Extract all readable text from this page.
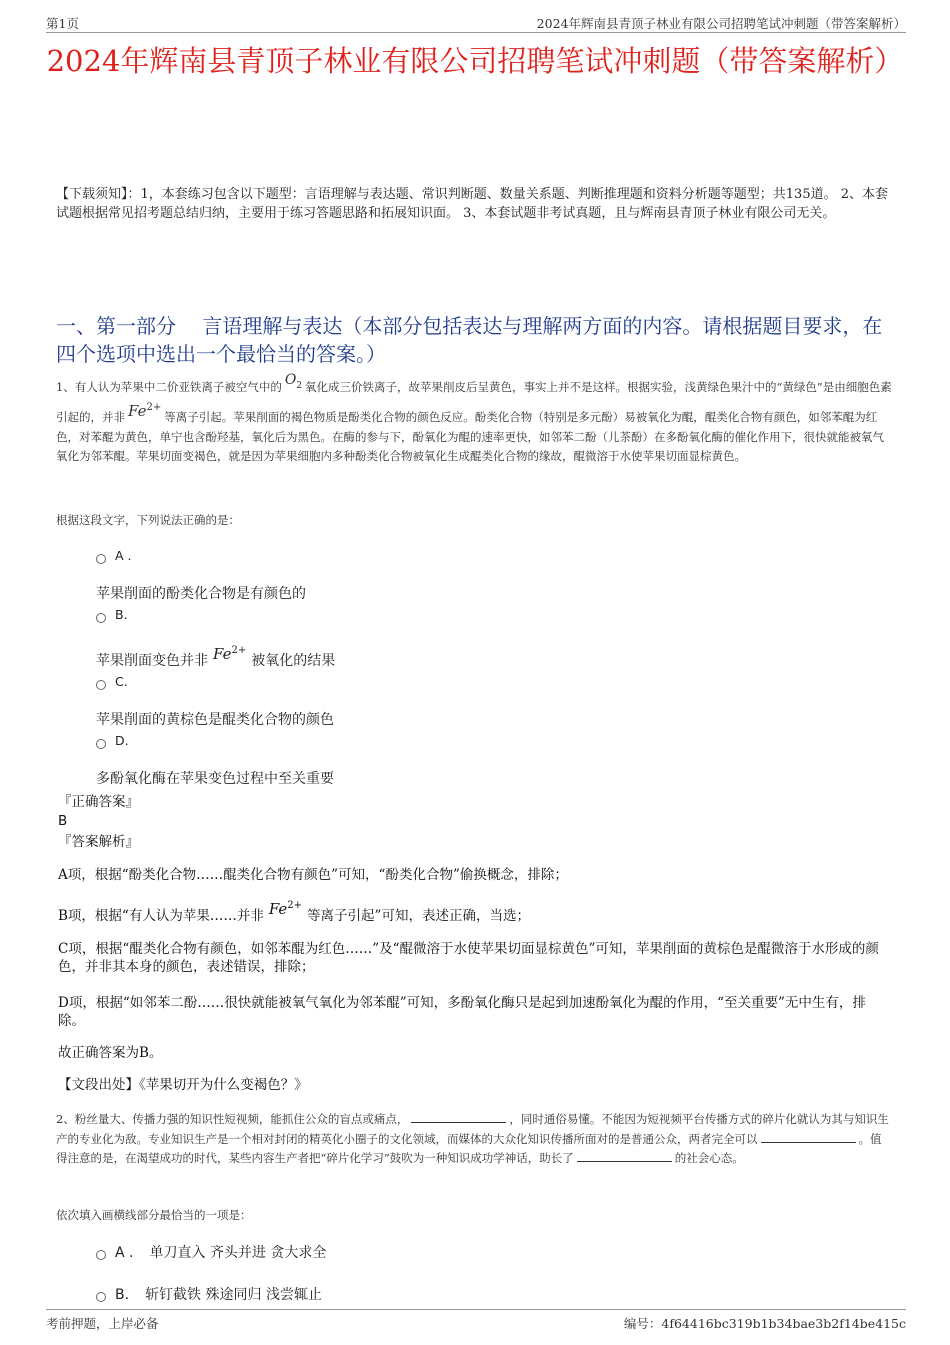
第1页	2024年辉南县青顶子林业有限公司招聘笔试冲刺题（带答案解析）
2024年辉南县青顶子林业有限公司招聘笔试冲刺题（带答案解析）
【下载须知】：1，本套练习包含以下题型：言语理解与表达题、常识判断题、数量关系题、判断推理题和资料分析题等题型；共135道。 2、本套试题根据常见招考题总结归纳，主要用于练习答题思路和拓展知识面。 3、本套试题非考试真题，且与辉南县青顶子林业有限公司无关。
一、第一部分　 言语理解与表达（本部分包括表达与理解两方面的内容。请根据题目要求，在四个选项中选出一个最恰当的答案。）
1、有人认为苹果中二价亚铁离子被空气中的 $O_2$ 氧化成三价铁离子，故苹果削皮后呈黄色，事实上并不是这样。根据实验，浅黄绿色果汁中的“黄绿色”是由细胞色素引起的，并非 $Fe^{2+}$等离子引起。苹果削面的褐色物质是酚类化合物的颜色反应。酚类化合物（特别是多元酚）易被氧化为醌，醌类化合物有颜色，如邻苯醌为红色，对苯醌为黄色，单宁也含酚羟基，氧化后为黑色。在酶的参与下，酚氧化为醌的速率更快，如邻苯二酚（儿茶酚）在多酚氧化酶的催化作用下，很快就能被氧气氧化为邻苯醌。苹果切面变褐色，就是因为苹果细胞内多种酚类化合物被氧化生成醌类化合物的缘故，醌微溶于水使苹果切面显棕黄色。
根据这段文字，下列说法正确的是：
A .
苹果削面的酚类化合物是有颜色的
B.
苹果削面变色并非 $Fe^{2+}$被氧化的结果
C.
苹果削面的黄棕色是醌类化合物的颜色
D.
多酚氧化酶在苹果变色过程中至关重要
『正确答案』
B
『答案解析』
A项，根据“酚类化合物……醌类化合物有颜色”可知，“酚类化合物”偷换概念，排除；
B项，根据“有人认为苹果……并非 $Fe^{2+}$等离子引起”可知，表述正确，当选；
C项，根据“醌类化合物有颜色，如邻苯醌为红色……”及“醌微溶于水使苹果切面显棕黄色”可知，苹果削面的黄棕色是醌微溶于水形成的颜色，并非其本身的颜色，表述错误，排除；
D项，根据“如邻苯二酚……很快就能被氧气氧化为邻苯醌”可知，多酚氧化酶只是起到加速酚氧化为醌的作用，“至关重要”无中生有，排除。
故正确答案为B。
【文段出处】《苹果切开为什么变褐色？》
2、粉丝量大、传播力强的知识性短视频，能抓住公众的盲点或痛点，	，同时通俗易懂。不能因为短视频平台传播方式的碎片化就认为其与知识生产的专业化为敌。专业知识生产是一个相对封闭的精英化小圈子的文化领域，而媒体的大众化知识传播所面对的是普通公众，两者完全可以	。值得注意的是，在渴望成功的时代，某些内容生产者把“碎片化学习”鼓吹为一种知识成功学神话，助长了	的社会心态。
依次填入画横线部分最恰当的一项是：
A . 单刀直入 齐头并进 贪大求全
B. 斩钉截铁 殊途同归 浅尝辄止
考前押题，上岸必备	编号：4f64416bc319b1b34bae3b2f14be415c
